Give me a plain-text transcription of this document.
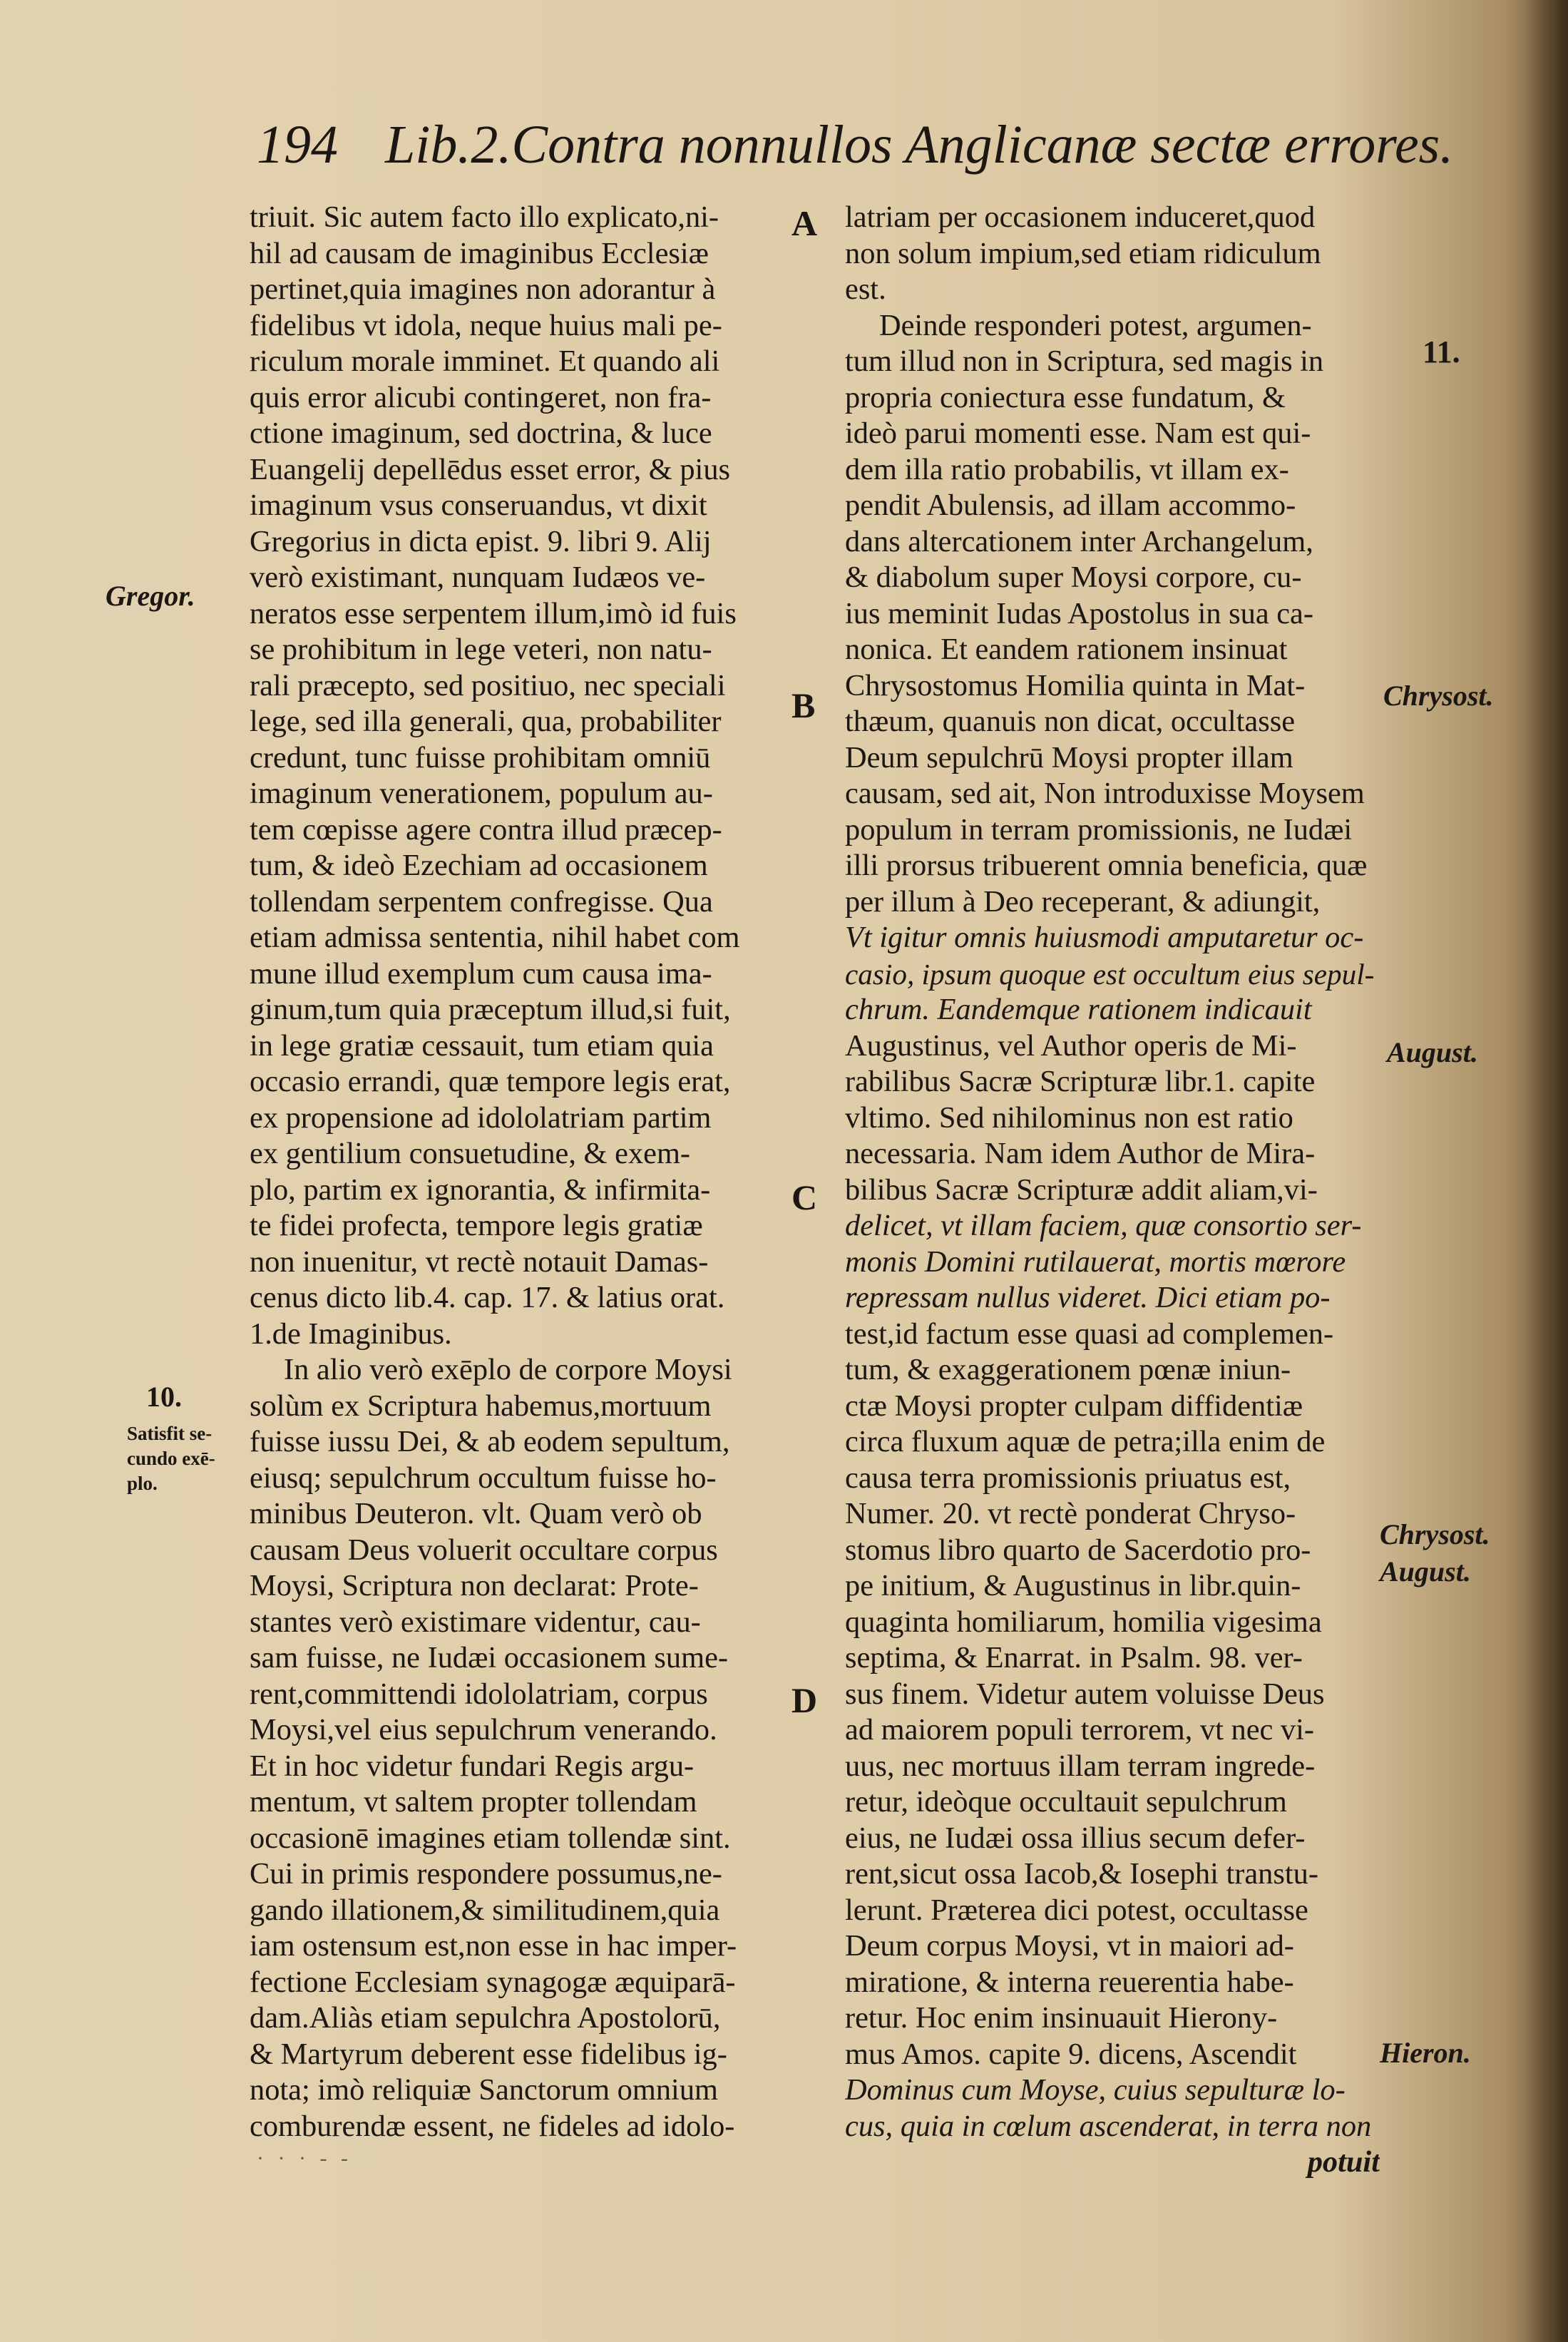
194 Lib.2.Contra nonnullos Anglicanæ sectæ errores.
triuit. Sic autem facto illo explicato,ni-
hil ad causam de imaginibus Ecclesiæ
pertinet,quia imagines non adorantur à
fidelibus vt idola, neque huius mali pe-
riculum morale imminet. Et quando ali
quis error alicubi contingeret, non fra-
ctione imaginum, sed doctrina, & luce
Euangelij depellēdus esset error, & pius
imaginum vsus conseruandus, vt dixit
Gregorius in dicta epist. 9. libri 9. Alij
verò existimant, nunquam Iudæos ve-
neratos esse serpentem illum,imò id fuis
se prohibitum in lege veteri, non natu-
rali præcepto, sed positiuo, nec speciali
lege, sed illa generali, qua, probabiliter
credunt, tunc fuisse prohibitam omniū
imaginum venerationem, populum au-
tem cœpisse agere contra illud præcep-
tum, & ideò Ezechiam ad occasionem
tollendam serpentem confregisse. Qua
etiam admissa sententia, nihil habet com
mune illud exemplum cum causa ima-
ginum,tum quia præceptum illud,si fuit,
in lege gratiæ cessauit, tum etiam quia
occasio errandi, quæ tempore legis erat,
ex propensione ad idololatriam partim
ex gentilium consuetudine, & exem-
plo, partim ex ignorantia, & infirmita-
te fidei profecta, tempore legis gratiæ
non inuenitur, vt rectè notauit Damas-
cenus dicto lib.4. cap. 17. & latius orat.
1.de Imaginibus.
In alio verò exēplo de corpore Moysi
solùm ex Scriptura habemus,mortuum
fuisse iussu Dei, & ab eodem sepultum,
eiusq; sepulchrum occultum fuisse ho-
minibus Deuteron. vlt. Quam verò ob
causam Deus voluerit occultare corpus
Moysi, Scriptura non declarat: Prote-
stantes verò existimare videntur, cau-
sam fuisse, ne Iudæi occasionem sume-
rent,committendi idololatriam, corpus
Moysi,vel eius sepulchrum venerando.
Et in hoc videtur fundari Regis argu-
mentum, vt saltem propter tollendam
occasionē imagines etiam tollendæ sint.
Cui in primis respondere possumus,ne-
gando illationem,& similitudinem,quia
iam ostensum est,non esse in hac imper-
fectione Ecclesiam synagogæ æquiparā-
dam.Aliàs etiam sepulchra Apostolorū,
& Martyrum deberent esse fidelibus ig-
nota; imò reliquiæ Sanctorum omnium
comburendæ essent, ne fideles ad idolo-
latriam per occasionem induceret,quod
non solum impium,sed etiam ridiculum
est.
Deinde responderi potest, argumen-
tum illud non in Scriptura, sed magis in
propria coniectura esse fundatum, &
ideò parui momenti esse. Nam est qui-
dem illa ratio probabilis, vt illam ex-
pendit Abulensis, ad illam accommo-
dans altercationem inter Archangelum,
& diabolum super Moysi corpore, cu-
ius meminit Iudas Apostolus in sua ca-
nonica. Et eandem rationem insinuat
Chrysostomus Homilia quinta in Mat-
thæum, quanuis non dicat, occultasse
Deum sepulchrū Moysi propter illam
causam, sed ait, Non introduxisse Moysem
populum in terram promissionis, ne Iudæi
illi prorsus tribuerent omnia beneficia, quæ
per illum à Deo receperant, & adiungit,
Vt igitur omnis huiusmodi amputaretur oc-
casio, ipsum quoque est occultum eius sepul-
chrum. Eandemque rationem indicauit
Augustinus, vel Author operis de Mi-
rabilibus Sacræ Scripturæ libr.1. capite
vltimo. Sed nihilominus non est ratio
necessaria. Nam idem Author de Mira-
bilibus Sacræ Scripturæ addit aliam,vi-
delicet, vt illam faciem, quæ consortio ser-
monis Domini rutilauerat, mortis mœrore
repressam nullus videret. Dici etiam po-
test,id factum esse quasi ad complemen-
tum, & exaggerationem pœnæ iniun-
ctæ Moysi propter culpam diffidentiæ
circa fluxum aquæ de petra;illa enim de
causa terra promissionis priuatus est,
Numer. 20. vt rectè ponderat Chryso-
stomus libro quarto de Sacerdotio pro-
pe initium, & Augustinus in libr.quin-
quaginta homiliarum, homilia vigesima
septima, & Enarrat. in Psalm. 98. ver-
sus finem. Videtur autem voluisse Deus
ad maiorem populi terrorem, vt nec vi-
uus, nec mortuus illam terram ingrede-
retur, ideòque occultauit sepulchrum
eius, ne Iudæi ossa illius secum defer-
rent,sicut ossa Iacob,& Iosephi transtu-
lerunt. Præterea dici potest, occultasse
Deum corpus Moysi, vt in maiori ad-
miratione, & interna reuerentia habe-
retur. Hoc enim insinuauit Hierony-
mus Amos. capite 9. dicens, Ascendit
Dominus cum Moyse, cuius sepulturæ lo-
cus, quia in cœlum ascenderat, in terra non
potuit
A
B
C
D
Gregor.
10.
Satisfit se-
cundo exē-
plo.
11.
Chrysost.
August.
Chrysost.
August.
Hieron.
· · · - -
